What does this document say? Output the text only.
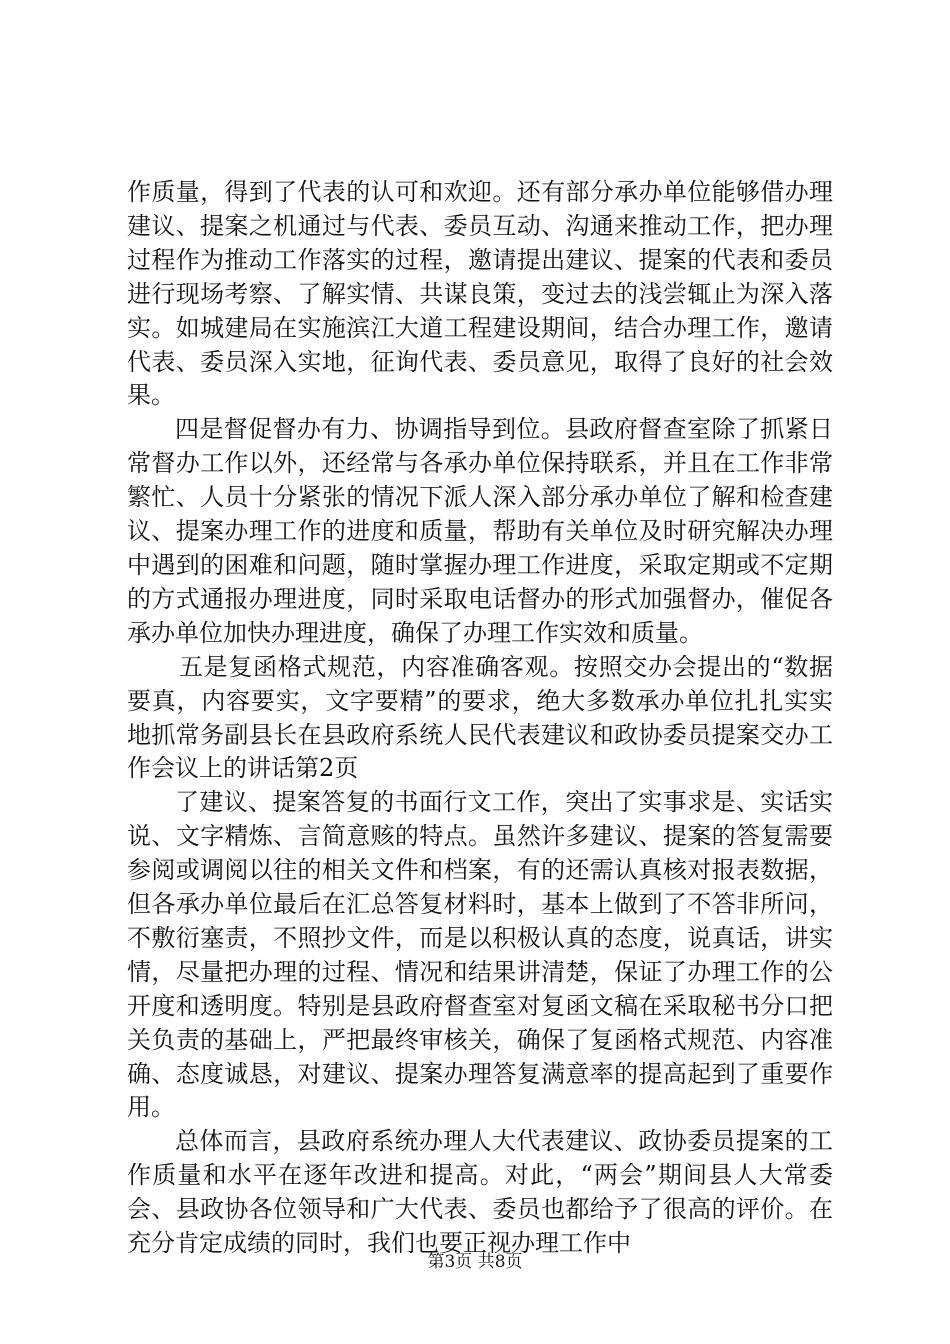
作质量，得到了代表的认可和欢迎。还有部分承办单位能够借办理建议、提案之机通过与代表、委员互动、沟通来推动工作，把办理过程作为推动工作落实的过程，邀请提出建议、提案的代表和委员进行现场考察、了解实情、共谋良策，变过去的浅尝辄止为深入落实。如城建局在实施滨江大道工程建设期间，结合办理工作，邀请代表、委员深入实地，征询代表、委员意见，取得了良好的社会效果。

四是督促督办有力、协调指导到位。县政府督查室除了抓紧日常督办工作以外，还经常与各承办单位保持联系，并且在工作非常繁忙、人员十分紧张的情况下派人深入部分承办单位了解和检查建议、提案办理工作的进度和质量，帮助有关单位及时研究解决办理中遇到的困难和问题，随时掌握办理工作进度，采取定期或不定期的方式通报办理进度，同时采取电话督办的形式加强督办，催促各承办单位加快办理进度，确保了办理工作实效和质量。

五是复函格式规范，内容准确客观。按照交办会提出的“数据要真，内容要实，文字要精”的要求，绝大多数承办单位扎扎实实地抓常务副县长在县政府系统人民代表建议和政协委员提案交办工作会议上的讲话第2页

了建议、提案答复的书面行文工作，突出了实事求是、实话实说、文字精炼、言简意赅的特点。虽然许多建议、提案的答复需要参阅或调阅以往的相关文件和档案，有的还需认真核对报表数据，但各承办单位最后在汇总答复材料时，基本上做到了不答非所问，不敷衍塞责，不照抄文件，而是以积极认真的态度，说真话，讲实情，尽量把办理的过程、情况和结果讲清楚，保证了办理工作的公开度和透明度。特别是县政府督查室对复函文稿在采取秘书分口把关负责的基础上，严把最终审核关，确保了复函格式规范、内容准确、态度诚恳，对建议、提案办理答复满意率的提高起到了重要作用。

总体而言，县政府系统办理人大代表建议、政协委员提案的工作质量和水平在逐年改进和提高。对此，“两会”期间县人大常委会、县政协各位领导和广大代表、委员也都给予了很高的评价。在充分肯定成绩的同时，我们也要正视办理工作中

第3页 共8页
